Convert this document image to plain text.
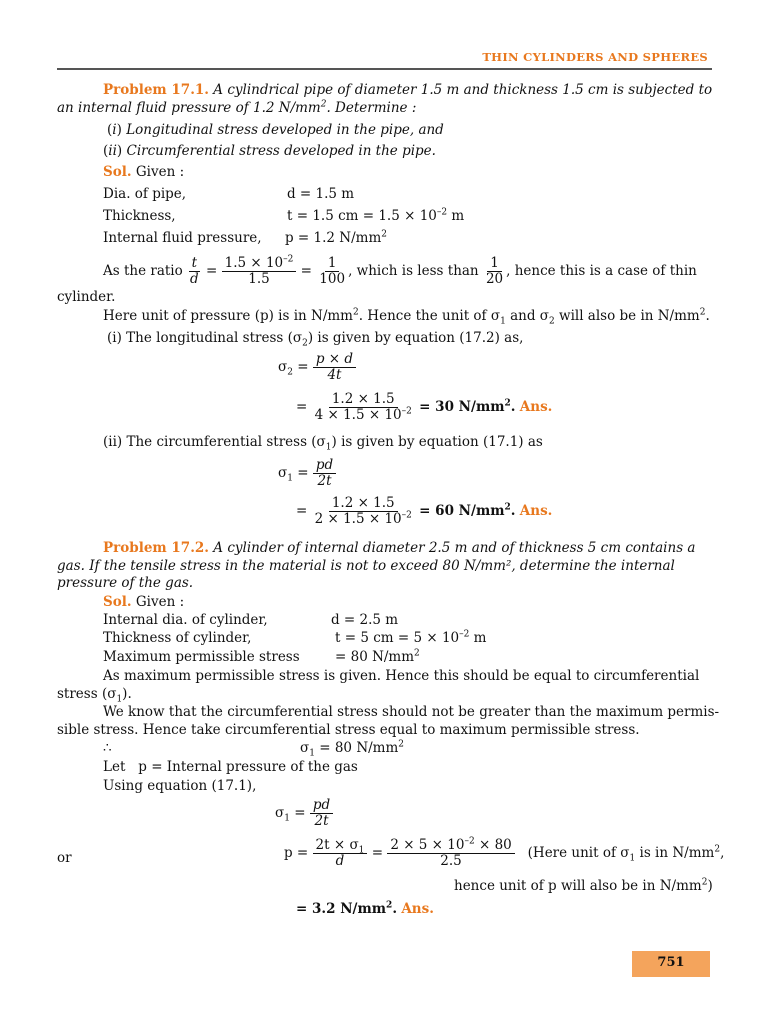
THIN CYLINDERS AND SPHERES
Problem 17.1. A cylindrical pipe of diameter 1.5 m and thickness 1.5 cm is subjected to
an internal fluid pressure of 1.2 $N/mm^2$. Determine :
(i) Longitudinal stress developed in the pipe, and
(ii) Circumferential stress developed in the pipe.
Sol. Given :
Dia. of pipe,	d = 1.5 m
Thickness,	t = 1.5 cm = $1.5 \times 10^{-2}$ m
Internal fluid pressure, p = 1.2 $N/mm^2$
As the ratio $\frac{t}{d} = \frac{1.5 \times 10^{-2}}{1.5} = \frac{1}{100}$ , which is less than $\frac{1}{20}$ , hence this is a case of thin
cylinder.
Here unit of pressure (p) is in $N/mm^2$. Hence the unit of $\sigma_1$ and $\sigma_2$ will also be in $N/mm^2$.
(i) The longitudinal stress $(\sigma_2)$ is given by equation (17.2) as,
$\sigma_2 = \frac{p \times d}{4t}$
= $\frac{1.2 \times 1.5}{4 \times 1.5 \times 10^{-2}} = 30$ $N/mm^2$. Ans.
(ii) The circumferential stress $(\sigma_1)$ is given by equation (17.1) as
$\sigma_1 = \frac{pd}{2t}$
= $\frac{1.2 \times 1.5}{2 \times 1.5 \times 10^{-2}} = 60$ $N/mm^2$. Ans.
Problem 17.2. A cylinder of internal diameter 2.5 m and of thickness 5 cm contains a
gas. If the tensile stress in the material is not to exceed 80 N/mm², determine the internal
pressure of the gas.
Sol. Given :
Internal dia. of cylinder,	d = 2.5 m
Thickness of cylinder,	t = 5 cm = $5 \times 10^{-2}$ m
Maximum permissible stress	= 80 $N/mm^2$
As maximum permissible stress is given. Hence this should be equal to circumferential
stress $(\sigma_1)$.
We know that the circumferential stress should not be greater than the maximum permis-
sible stress. Hence take circumferential stress equal to maximum permissible stress.
∴	$\sigma_1 = 80$ $N/mm^2$
Let p = Internal pressure of the gas
Using equation (17.1),
$\sigma_1 = \frac{pd}{2t}$
or	$p = \frac{2t \times \sigma_1}{d} = \frac{2 \times 5 \times 10^{-2} \times 80}{2.5}$ (Here unit of $\sigma_1$ is in $N/mm^2$,
hence unit of p will also be in $N/mm^2$)
= 3.2 $N/mm^2$. Ans.
751
